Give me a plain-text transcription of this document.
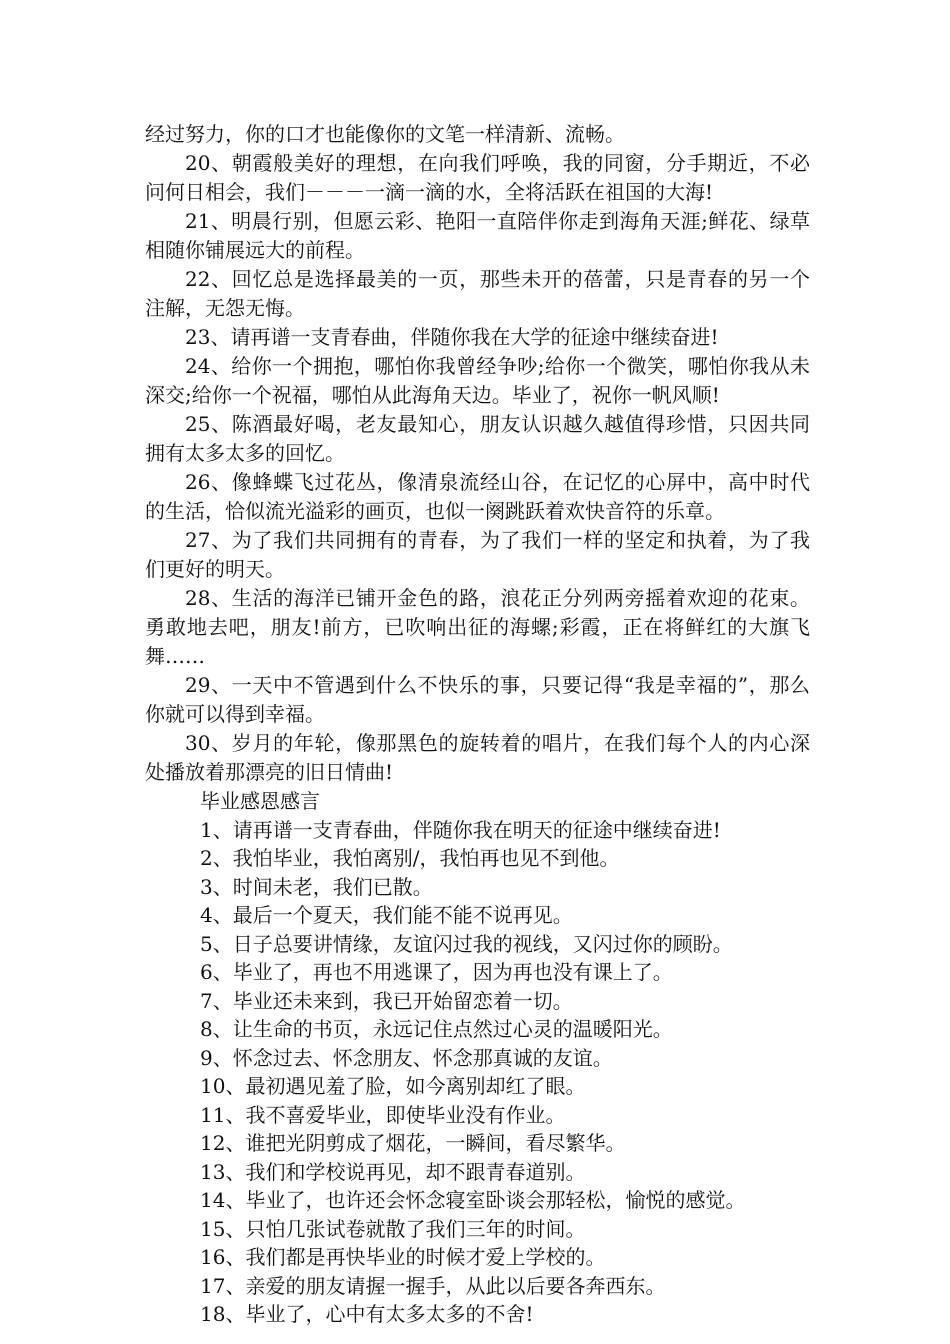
经过努力，你的口才也能像你的文笔一样清新、流畅。

20、朝霞般美好的理想，在向我们呼唤，我的同窗，分手期近，不必问何日相会，我们－－－一滴一滴的水，全将活跃在祖国的大海!

21、明晨行别，但愿云彩、艳阳一直陪伴你走到海角天涯;鲜花、绿草相随你铺展远大的前程。

22、回忆总是选择最美的一页，那些未开的蓓蕾，只是青春的另一个注解，无怨无悔。

23、请再谱一支青春曲，伴随你我在大学的征途中继续奋进!

24、给你一个拥抱，哪怕你我曾经争吵;给你一个微笑，哪怕你我从未深交;给你一个祝福，哪怕从此海角天边。毕业了，祝你一帆风顺!

25、陈酒最好喝，老友最知心，朋友认识越久越值得珍惜，只因共同拥有太多太多的回忆。

26、像蜂蝶飞过花丛，像清泉流经山谷，在记忆的心屏中，高中时代的生活，恰似流光溢彩的画页，也似一阕跳跃着欢快音符的乐章。

27、为了我们共同拥有的青春，为了我们一样的坚定和执着，为了我们更好的明天。

28、生活的海洋已铺开金色的路，浪花正分列两旁摇着欢迎的花束。勇敢地去吧，朋友!前方，已吹响出征的海螺;彩霞，正在将鲜红的大旗飞舞……

29、一天中不管遇到什么不快乐的事，只要记得“我是幸福的”，那么你就可以得到幸福。

30、岁月的年轮，像那黑色的旋转着的唱片，在我们每个人的内心深处播放着那漂亮的旧日情曲!

毕业感恩感言

1、请再谱一支青春曲，伴随你我在明天的征途中继续奋进!

2、我怕毕业，我怕离别/，我怕再也见不到他。

3、时间未老，我们已散。

4、最后一个夏天，我们能不能不说再见。

5、日子总要讲情缘，友谊闪过我的视线，又闪过你的顾盼。

6、毕业了，再也不用逃课了，因为再也没有课上了。

7、毕业还未来到，我已开始留恋着一切。

8、让生命的书页，永远记住点然过心灵的温暖阳光。

9、怀念过去、怀念朋友、怀念那真诚的友谊。

10、最初遇见羞了脸，如今离别却红了眼。

11、我不喜爱毕业，即使毕业没有作业。

12、谁把光阴剪成了烟花，一瞬间，看尽繁华。

13、我们和学校说再见，却不跟青春道别。

14、毕业了，也许还会怀念寝室卧谈会那轻松，愉悦的感觉。

15、只怕几张试卷就散了我们三年的时间。

16、我们都是再快毕业的时候才爱上学校的。

17、亲爱的朋友请握一握手，从此以后要各奔西东。

18、毕业了，心中有太多太多的不舍!
